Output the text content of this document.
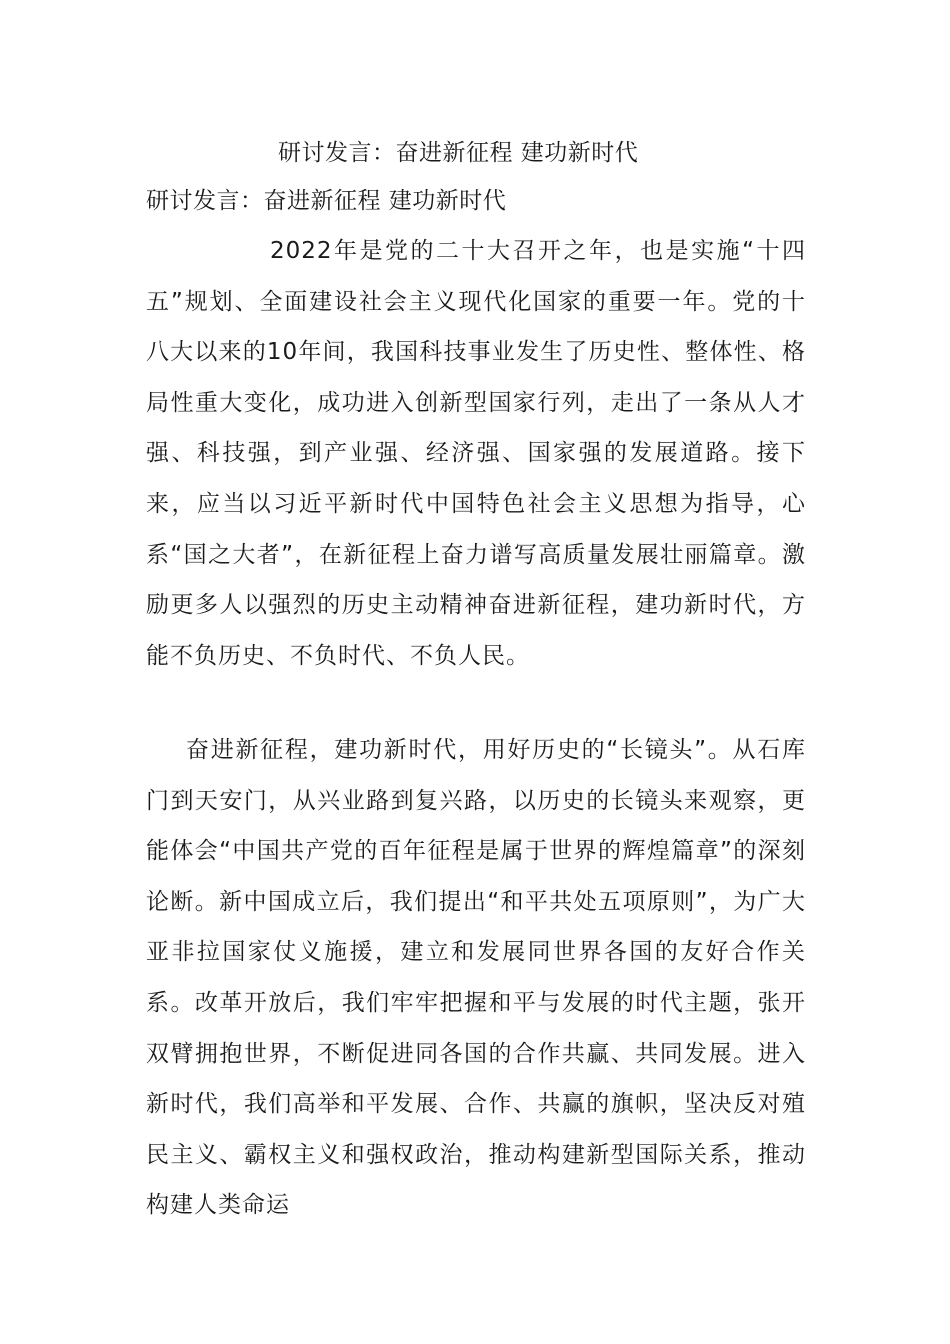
研讨发言：奋进新征程 建功新时代
研讨发言：奋进新征程 建功新时代
2022年是党的二十大召开之年，也是实施“十四五”规划、全面建设社会主义现代化国家的重要一年。党的十八大以来的10年间，我国科技事业发生了历史性、整体性、格局性重大变化，成功进入创新型国家行列，走出了一条从人才强、科技强，到产业强、经济强、国家强的发展道路。接下来，应当以习近平新时代中国特色社会主义思想为指导，心系“国之大者”，在新征程上奋力谱写高质量发展壮丽篇章。激励更多人以强烈的历史主动精神奋进新征程，建功新时代，方能不负历史、不负时代、不负人民。
奋进新征程，建功新时代，用好历史的“长镜头”。从石库门到天安门，从兴业路到复兴路，以历史的长镜头来观察，更能体会“中国共产党的百年征程是属于世界的辉煌篇章”的深刻论断。新中国成立后，我们提出“和平共处五项原则”，为广大亚非拉国家仗义施援，建立和发展同世界各国的友好合作关系。改革开放后，我们牢牢把握和平与发展的时代主题，张开双臂拥抱世界，不断促进同各国的合作共赢、共同发展。进入新时代，我们高举和平发展、合作、共赢的旗帜，坚决反对殖民主义、霸权主义和强权政治，推动构建新型国际关系，推动构建人类命运
